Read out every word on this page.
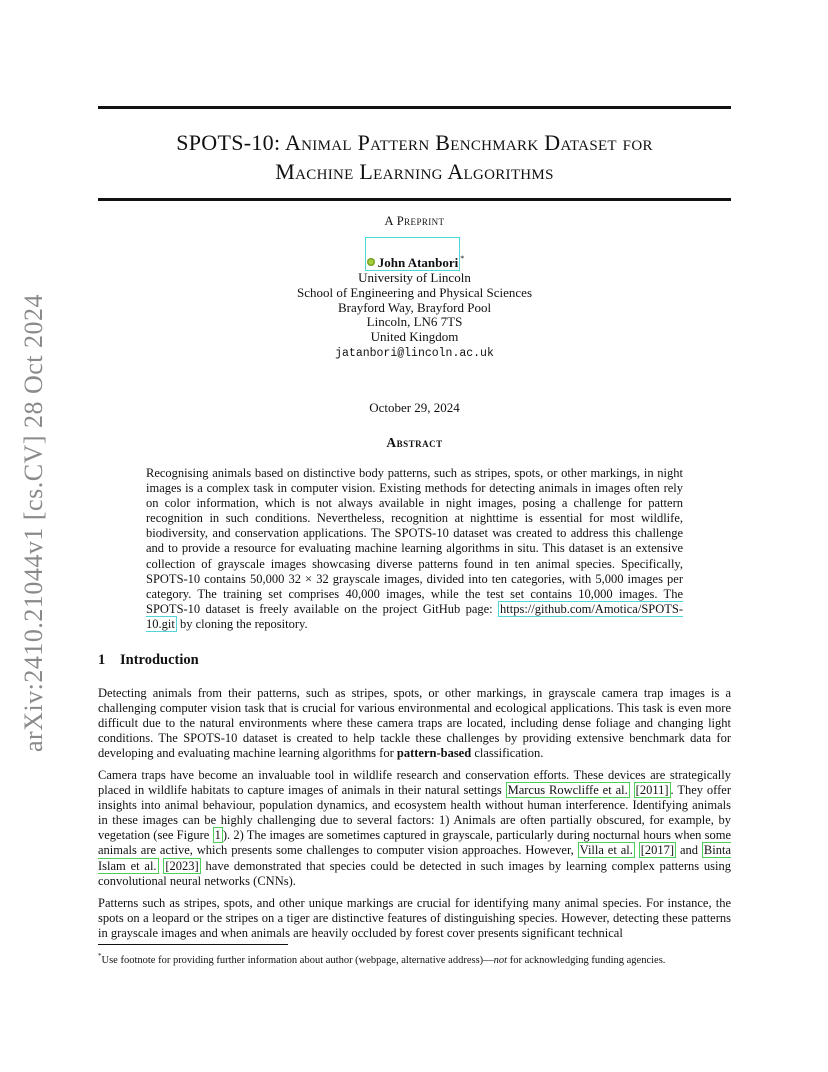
arXiv:2410.21044v1 [cs.CV] 28 Oct 2024
SPOTS-10: Animal Pattern Benchmark Dataset for
Machine Learning Algorithms
A Preprint
John Atanbori *
University of Lincoln
School of Engineering and Physical Sciences
Brayford Way, Brayford Pool
Lincoln, LN6 7TS
United Kingdom
jatanbori@lincoln.ac.uk
October 29, 2024
Abstract
Recognising animals based on distinctive body patterns, such as stripes, spots, or other markings, in night images is a complex task in computer vision. Existing methods for detecting animals in images often rely on color information, which is not always available in night images, posing a challenge for pattern recognition in such conditions. Nevertheless, recognition at nighttime is essential for most wildlife, biodiversity, and conservation applications. The SPOTS-10 dataset was created to address this challenge and to provide a resource for evaluating machine learning algorithms in situ. This dataset is an extensive collection of grayscale images showcasing diverse patterns found in ten animal species. Specifically, SPOTS-10 contains 50,000 32 × 32 grayscale images, divided into ten categories, with 5,000 images per category. The training set comprises 40,000 images, while the test set contains 10,000 images. The SPOTS-10 dataset is freely available on the project GitHub page: https://github.com/Amotica/SPOTS-10.git by cloning the repository.
1 Introduction
Detecting animals from their patterns, such as stripes, spots, or other markings, in grayscale camera trap images is a challenging computer vision task that is crucial for various environmental and ecological applications. This task is even more difficult due to the natural environments where these camera traps are located, including dense foliage and changing light conditions. The SPOTS-10 dataset is created to help tackle these challenges by providing extensive benchmark data for developing and evaluating machine learning algorithms for pattern-based classification.
Camera traps have become an invaluable tool in wildlife research and conservation efforts. These devices are strategically placed in wildlife habitats to capture images of animals in their natural settings Marcus Rowcliffe et al. [2011] . They offer insights into animal behaviour, population dynamics, and ecosystem health without human interference. Identifying animals in these images can be highly challenging due to several factors: 1) Animals are often partially obscured, for example, by vegetation (see Figure 1 ). 2) The images are sometimes captured in grayscale, particularly during nocturnal hours when some animals are active, which presents some challenges to computer vision approaches. However, Villa et al. [2017] and Binta Islam et al. [2023] have demonstrated that species could be detected in such images by learning complex patterns using convolutional neural networks (CNNs).
Patterns such as stripes, spots, and other unique markings are crucial for identifying many animal species. For instance, the spots on a leopard or the stripes on a tiger are distinctive features of distinguishing species. However, detecting these patterns in grayscale images and when animals are heavily occluded by forest cover presents significant technical
*Use footnote for providing further information about author (webpage, alternative address)—not for acknowledging funding agencies.
